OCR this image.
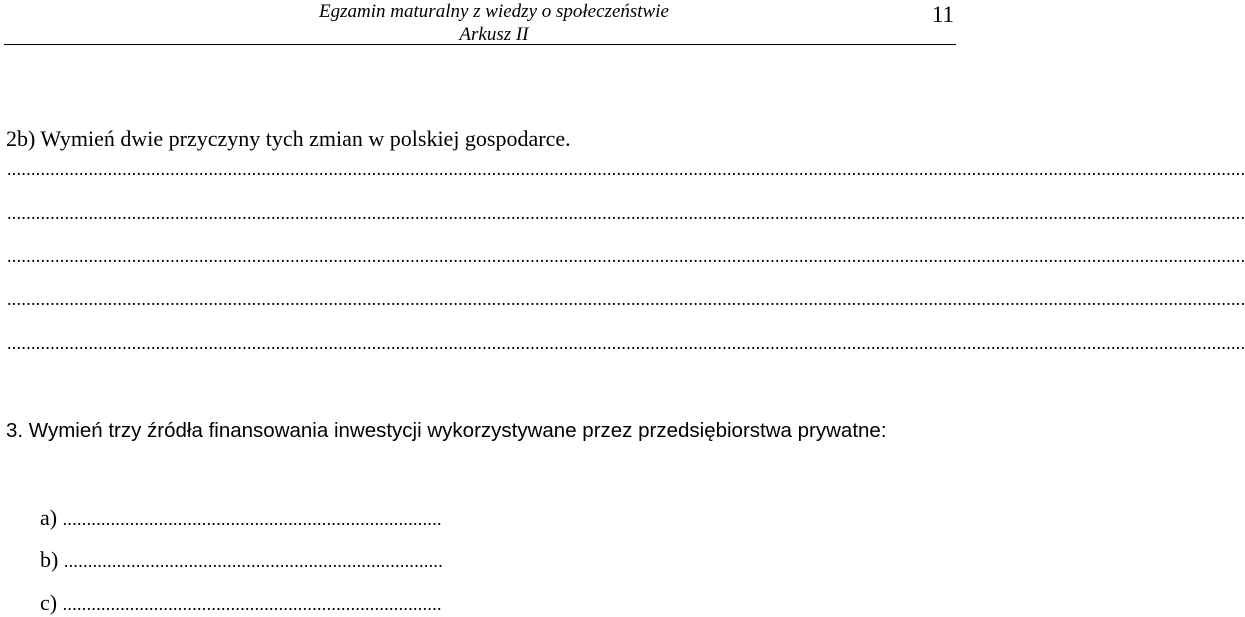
Egzamin maturalny z wiedzy o społeczeństwie
Arkusz II
11
2b) Wymień dwie przyczyny tych zmian w polskiej gospodarce.
..................................................................................................................................................................................................................................................................
..................................................................................................................................................................................................................................................................
..................................................................................................................................................................................................................................................................
..................................................................................................................................................................................................................................................................
..................................................................................................................................................................................................................................................................
3. Wymień trzy źródła finansowania inwestycji wykorzystywane przez przedsiębiorstwa prywatne:
a) ...............................................................................
b) ...............................................................................
c) ...............................................................................
